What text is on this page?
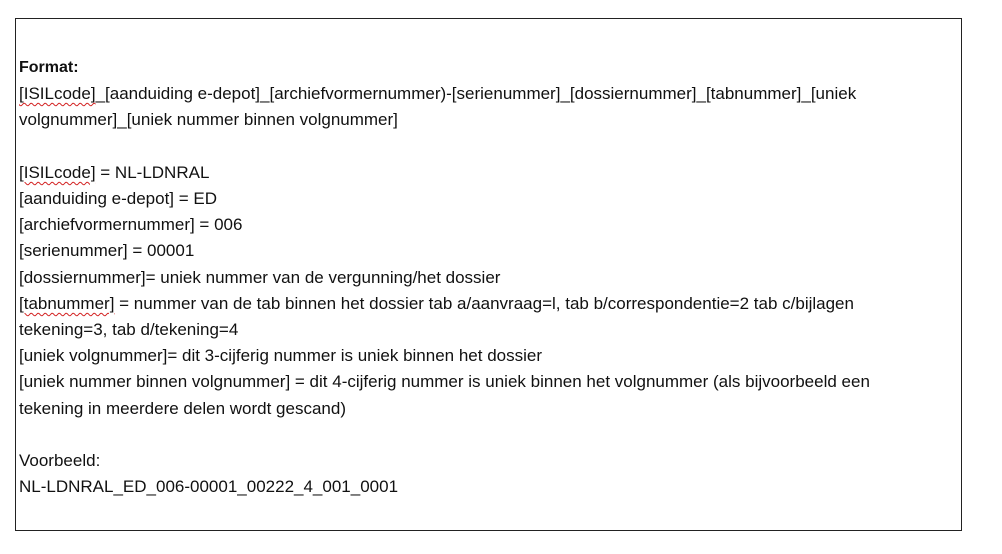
Format:
[ISILcode]_[aanduiding e-depot]_[archiefvormernummer)-[serienummer]_[dossiernummer]_[tabnummer]_[uniek
volgnummer]_[uniek nummer binnen volgnummer]
[ISILcode] = NL-LDNRAL
[aanduiding e-depot] = ED
[archiefvormernummer] = 006
[serienummer] = 00001
[dossiernummer]= uniek nummer van de vergunning/het dossier
[tabnummer] = nummer van de tab binnen het dossier tab a/aanvraag=l, tab b/correspondentie=2 tab c/bijlagen
tekening=3, tab d/tekening=4
[uniek volgnummer]= dit 3-cijferig nummer is uniek binnen het dossier
[uniek nummer binnen volgnummer] = dit 4-cijferig nummer is uniek binnen het volgnummer (als bijvoorbeeld een
tekening in meerdere delen wordt gescand)
Voorbeeld:
NL-LDNRAL_ED_006-00001_00222_4_001_0001
